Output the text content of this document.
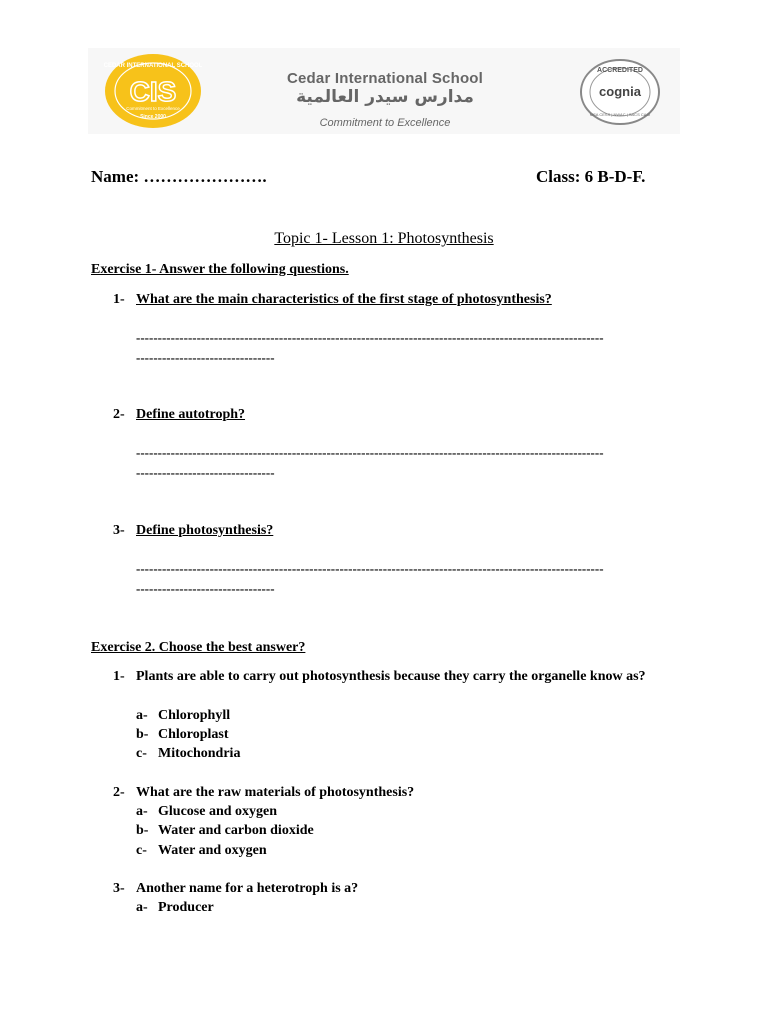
CEDAR INTERNATIONAL SCHOOL
CIS
Commitment to Excellence
Since 2000
Cedar International School
مدارس سيدر العالمية
Commitment to Excellence
ACCREDITED
cognia
MSA CESS | NWAC | SACS CASI
Name: ………………….	Class: 6 B-D-F.
Topic 1- Lesson 1: Photosynthesis
Exercise 1- Answer the following questions.
1- What are the main characteristics of the first stage of photosynthesis?
------------------------------------------------------------------------------------------------------------
--------------------------------
2- Define autotroph?
------------------------------------------------------------------------------------------------------------
--------------------------------
3- Define photosynthesis?
------------------------------------------------------------------------------------------------------------
--------------------------------
Exercise 2. Choose the best answer?
1- Plants are able to carry out photosynthesis because they carry the organelle know as?
a- Chlorophyll
b- Chloroplast
c- Mitochondria
2- What are the raw materials of photosynthesis?
a- Glucose and oxygen
b- Water and carbon dioxide
c- Water and oxygen
3- Another name for a heterotroph is a?
a- Producer
